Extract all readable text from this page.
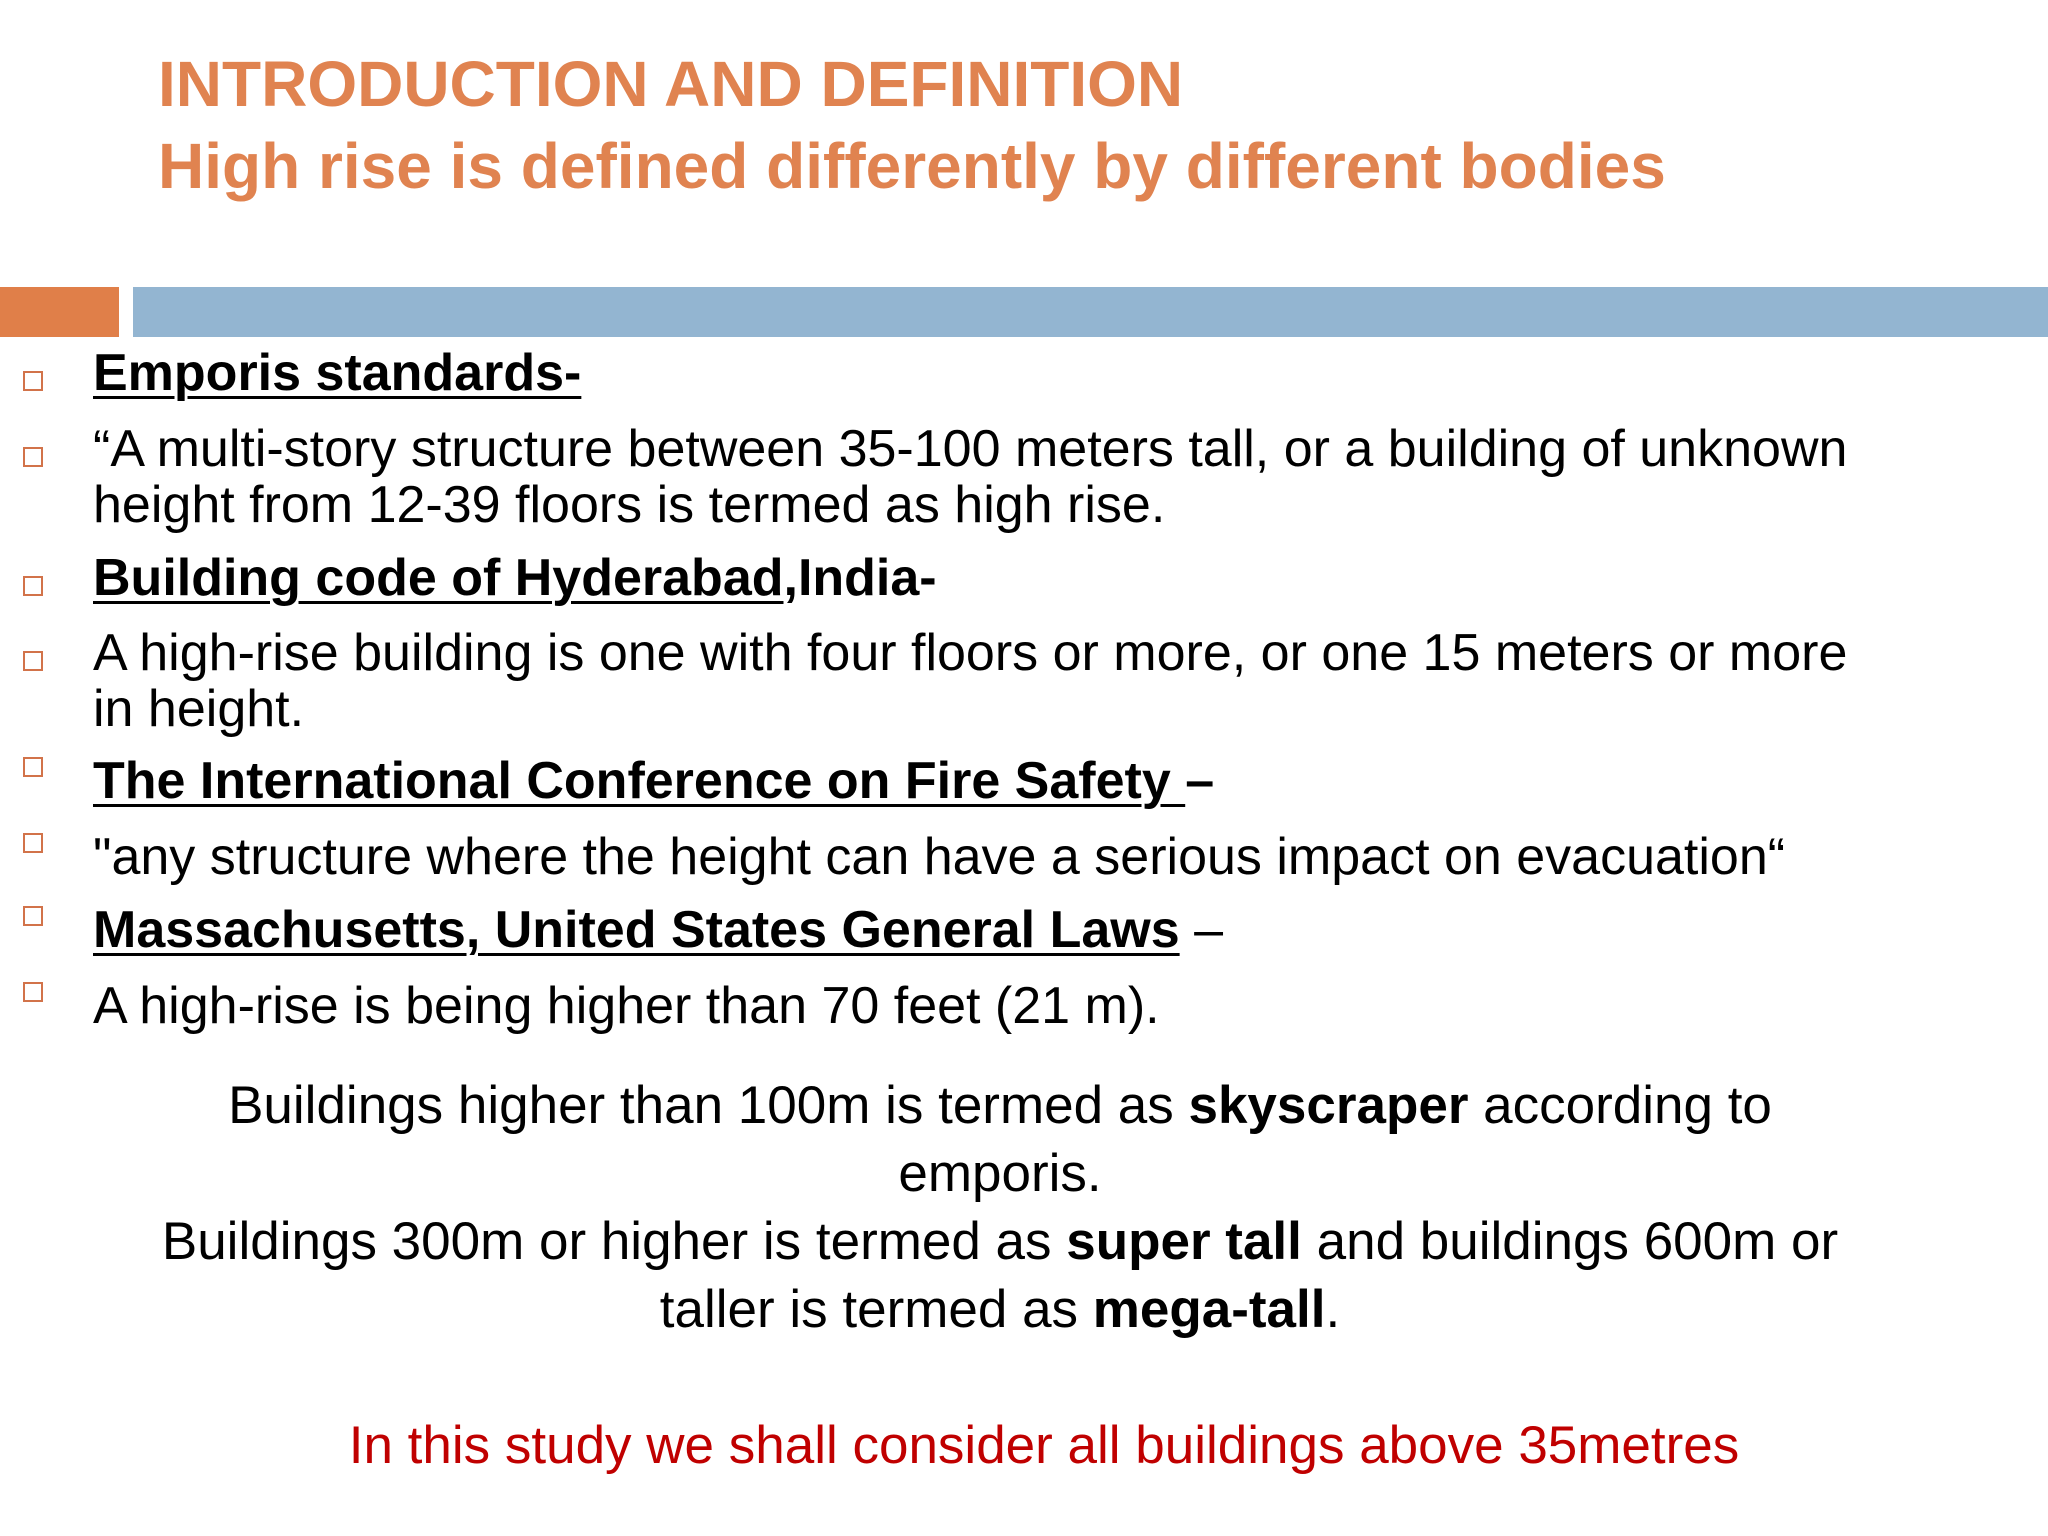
INTRODUCTION AND DEFINITION
High rise is defined differently by different bodies
Emporis standards-
“A multi-story structure between 35-100 meters tall, or a building of unknown
height from 12-39 floors is termed as high rise.
Building code of Hyderabad,India-
A high-rise building is one with four floors or more, or one 15 meters or more
in height.
The International Conference on Fire Safety –
"any structure where the height can have a serious impact on evacuation“
Massachusetts, United States General Laws –
A high-rise is being higher than 70 feet (21 m).
Buildings higher than 100m is termed as skyscraper according to
emporis.
Buildings 300m or higher is termed as super tall and buildings 600m or
taller is termed as mega-tall.
In this study we shall consider all buildings above 35metres
